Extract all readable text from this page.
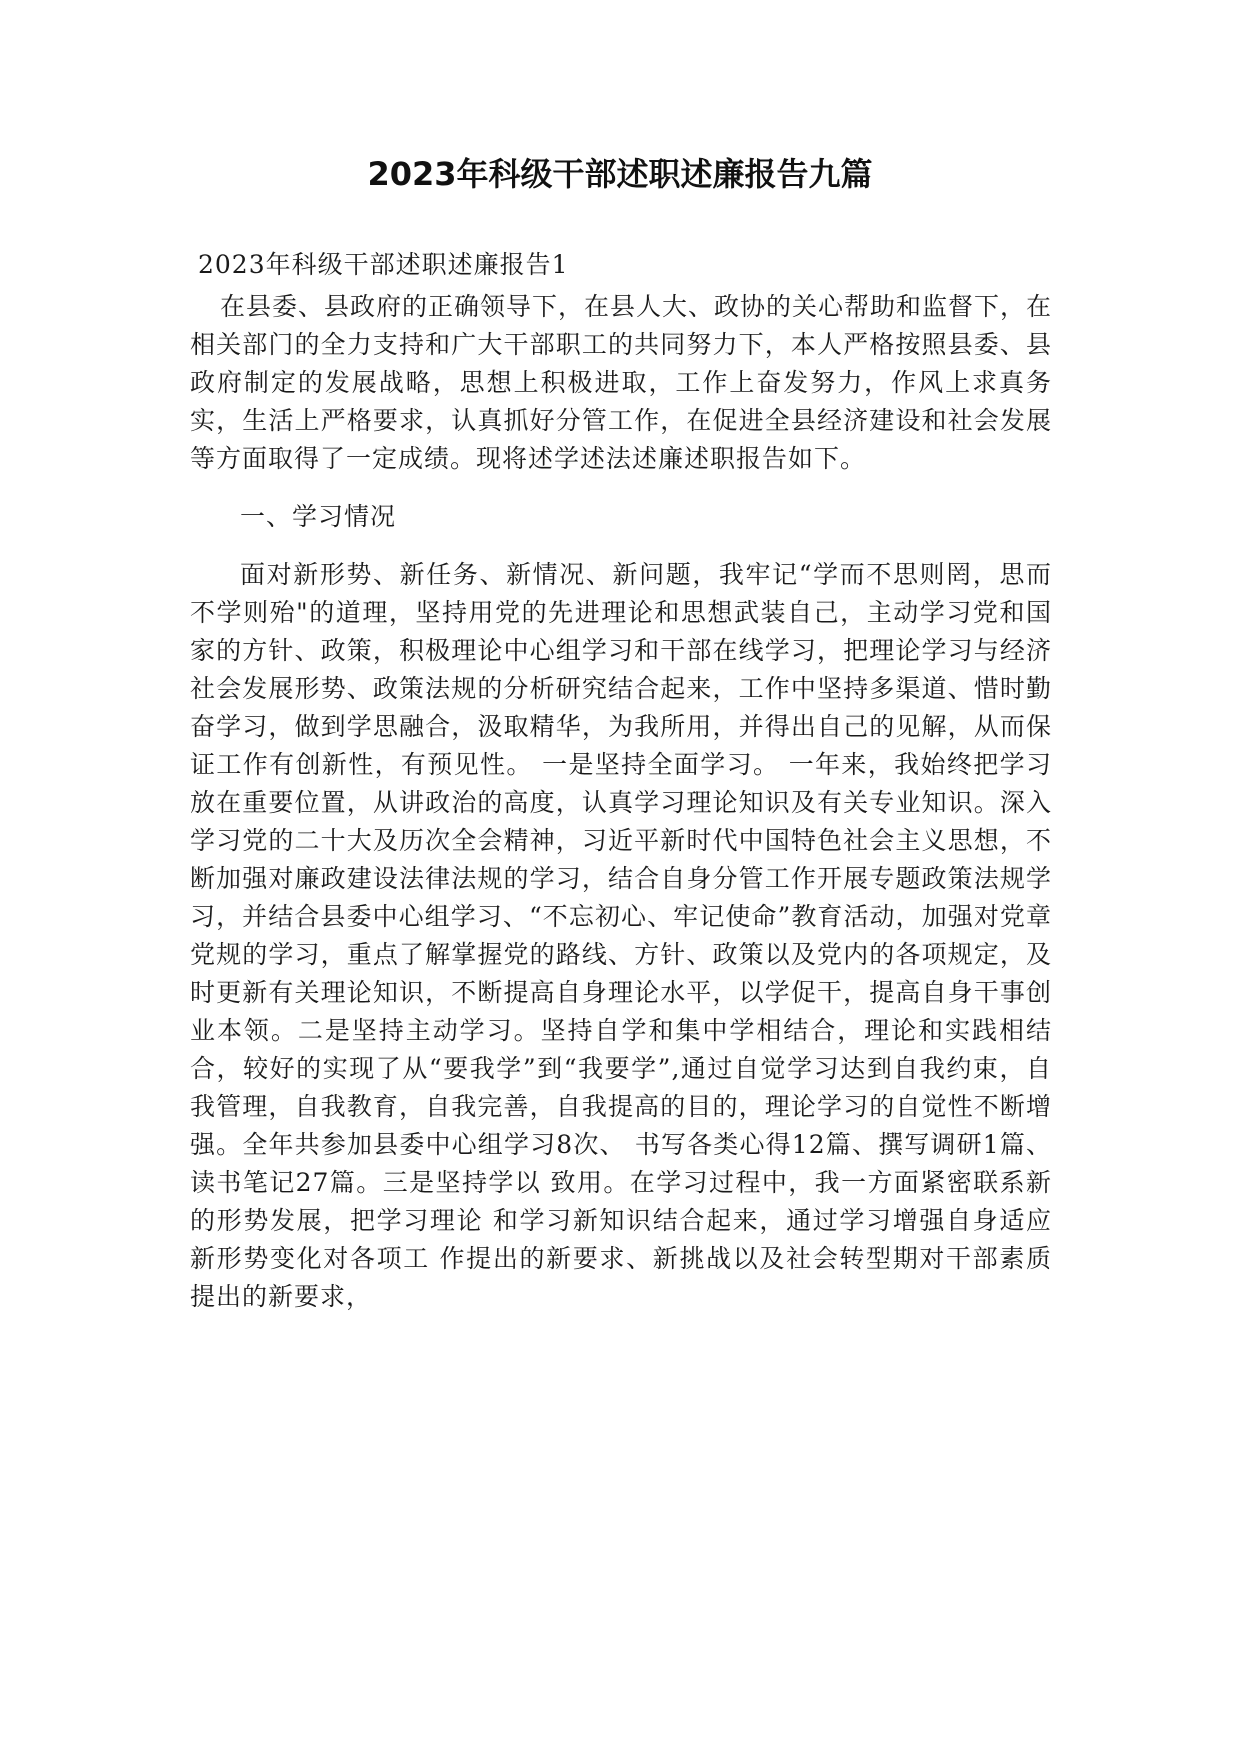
2023年科级干部述职述廉报告九篇

2023年科级干部述职述廉报告1

在县委、县政府的正确领导下，在县人大、政协的关心帮助和监督下，在相关部门的全力支持和广大干部职工的共同努力下，本人严格按照县委、县政府制定的发展战略，思想上积极进取，工作上奋发努力，作风上求真务实，生活上严格要求，认真抓好分管工作，在促进全县经济建设和社会发展等方面取得了一定成绩。现将述学述法述廉述职报告如下。

一、学习情况

面对新形势、新任务、新情况、新问题，我牢记“学而不思则罔，思而不学则殆"的道理，坚持用党的先进理论和思想武装自己，主动学习党和国家的方针、政策，积极理论中心组学习和干部在线学习，把理论学习与经济社会发展形势、政策法规的分析研究结合起来，工作中坚持多渠道、惜时勤奋学习，做到学思融合，汲取精华，为我所用，并得出自己的见解，从而保证工作有创新性，有预见性。 一是坚持全面学习。 一年来，我始终把学习放在重要位置，从讲政治的高度，认真学习理论知识及有关专业知识。深入学习党的二十大及历次全会精神，习近平新时代中国特色社会主义思想，不断加强对廉政建设法律法规的学习，结合自身分管工作开展专题政策法规学习，并结合县委中心组学习、“不忘初心、牢记使命”教育活动，加强对党章党规的学习，重点了解掌握党的路线、方针、政策以及党内的各项规定，及时更新有关理论知识，不断提高自身理论水平，以学促干，提高自身干事创业本领。二是坚持主动学习。坚持自学和集中学相结合，理论和实践相结合，较好的实现了从“要我学”到“我要学”,通过自觉学习达到自我约束，自我管理，自我教育，自我完善，自我提高的目的，理论学习的自觉性不断增强。全年共参加县委中心组学习8次、 书写各类心得12篇、撰写调研1篇、读书笔记27篇。三是坚持学以 致用。在学习过程中，我一方面紧密联系新的形势发展，把学习理论 和学习新知识结合起来，通过学习增强自身适应新形势变化对各项工 作提出的新要求、新挑战以及社会转型期对干部素质提出的新要求，
